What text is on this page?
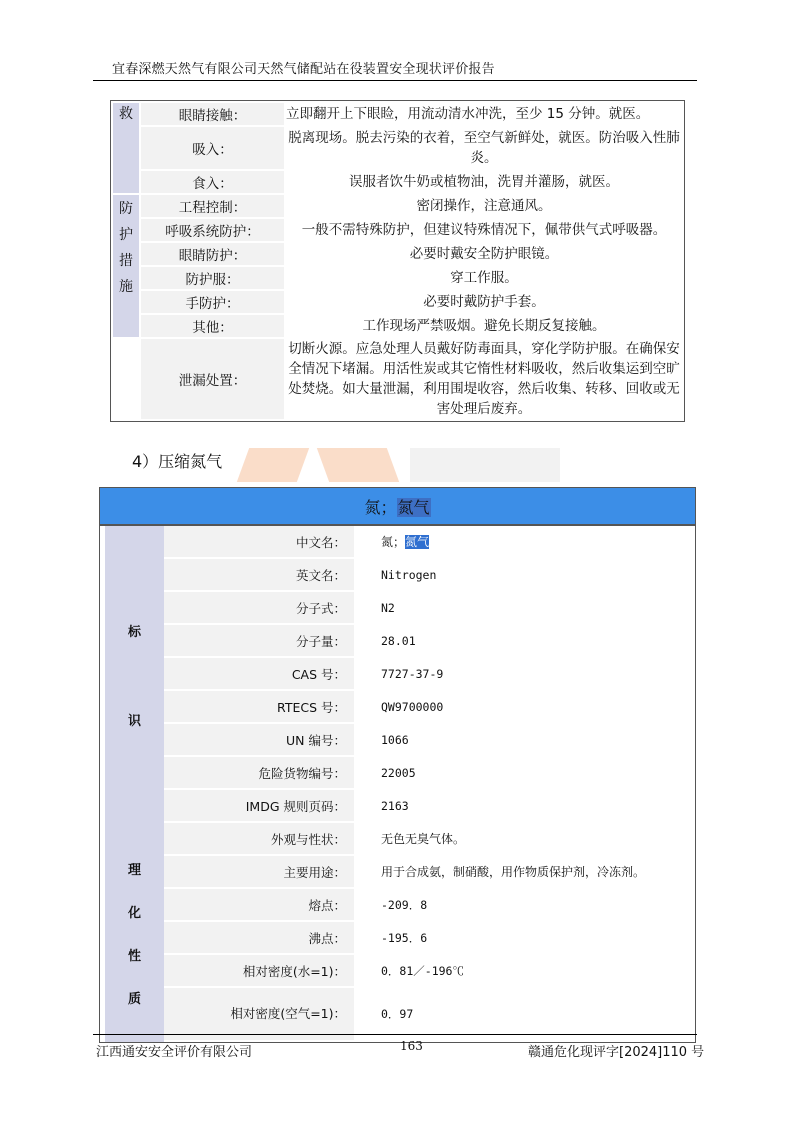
宜春深燃天然气有限公司天然气储配站在役装置安全现状评价报告
救	眼睛接触：	立即翻开上下眼睑，用流动清水冲洗，至少 15 分钟。就医。
	吸入：	脱离现场。脱去污染的衣着，至空气新鲜处，就医。防治吸入性肺炎。
	食入：	误服者饮牛奶或植物油，洗胃并灌肠，就医。

防
护
措
施	工程控制：	密闭操作，注意通风。
	呼吸系统防护：	一般不需特殊防护，但建议特殊情况下，佩带供气式呼吸器。
	眼睛防护：	必要时戴安全防护眼镜。
	防护服：	穿工作服。
	手防护：	必要时戴防护手套。
	其他：	工作现场严禁吸烟。避免长期反复接触。
	泄漏处置：	切断火源。应急处理人员戴好防毒面具，穿化学防护服。在确保安全情况下堵漏。用活性炭或其它惰性材料吸收，然后收集运到空旷处焚烧。如大量泄漏，利用围堤收容，然后收集、转移、回收或无害处理后废弃。
4）压缩氮气
氮；氮气			

	标
识	中文名：	氮；氮气
		英文名：	Nitrogen
		分子式：	N2
		分子量：	28.01
		CAS 号：	7727-37-9
		RTECS 号：	QW9700000
		UN 编号：	1066
		危险货物编号：	22005
		IMDG 规则页码：	2163

	理
化
性
质	外观与性状：	无色无臭气体。
		主要用途：	用于合成氨，制硝酸，用作物质保护剂，冷冻剂。
		熔点：	-209．8
		沸点：	-195．6
		相对密度(水=1)：	0．81／-196℃
		相对密度(空气=1)：	0．97
江西通安安全评价有限公司	163	赣通危化现评字[2024]110 号
